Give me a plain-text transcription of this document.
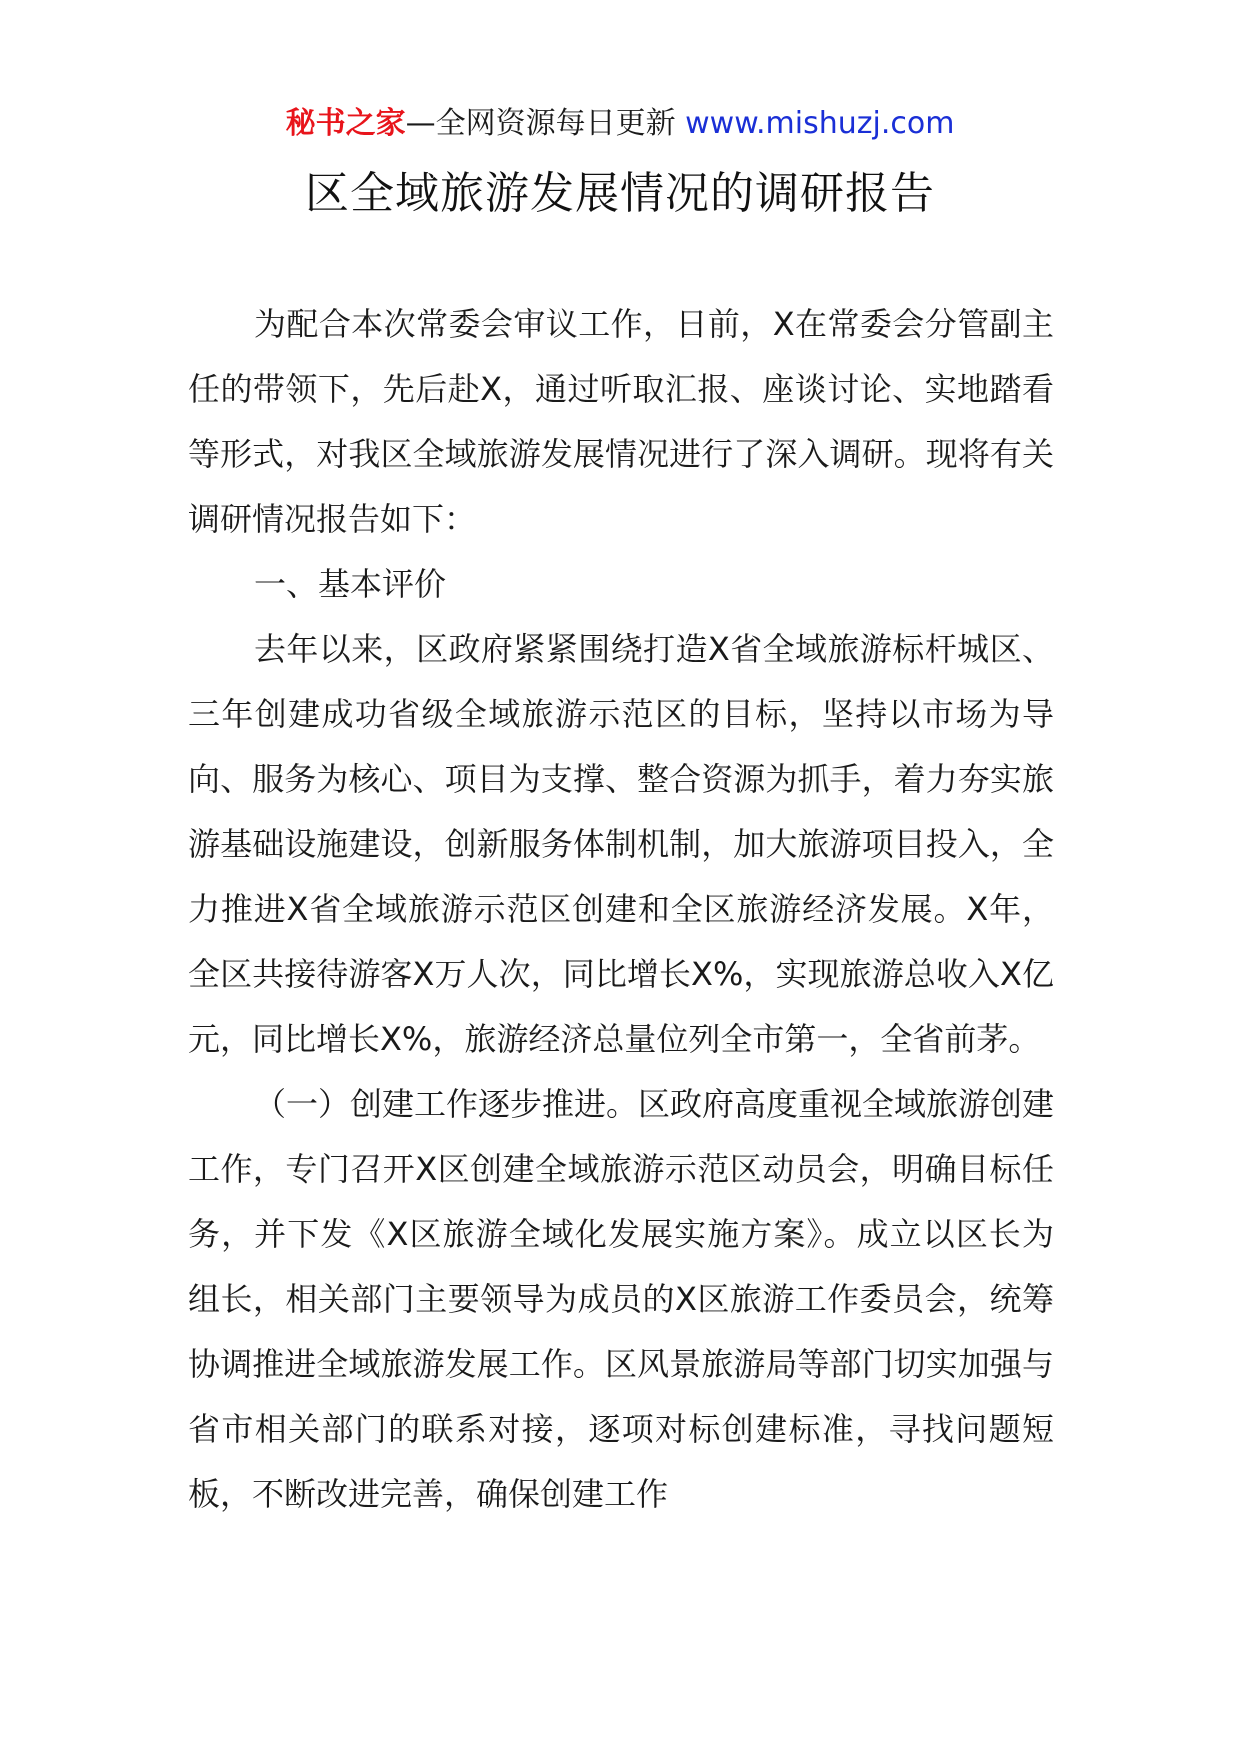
秘书之家—全网资源每日更新 www.mishuzj.com
区全域旅游发展情况的调研报告

为配合本次常委会审议工作，日前，X在常委会分管副主任的带领下，先后赴X，通过听取汇报、座谈讨论、实地踏看等形式，对我区全域旅游发展情况进行了深入调研。现将有关调研情况报告如下：

一、基本评价

去年以来，区政府紧紧围绕打造X省全域旅游标杆城区、三年创建成功省级全域旅游示范区的目标，坚持以市场为导向、服务为核心、项目为支撑、整合资源为抓手，着力夯实旅游基础设施建设，创新服务体制机制，加大旅游项目投入，全力推进X省全域旅游示范区创建和全区旅游经济发展。X年，全区共接待游客X万人次，同比增长X%，实现旅游总收入X亿元，同比增长X%，旅游经济总量位列全市第一，全省前茅。

（一）创建工作逐步推进。区政府高度重视全域旅游创建工作，专门召开X区创建全域旅游示范区动员会，明确目标任务，并下发《X区旅游全域化发展实施方案》。成立以区长为组长，相关部门主要领导为成员的X区旅游工作委员会，统筹协调推进全域旅游发展工作。区风景旅游局等部门切实加强与省市相关部门的联系对接，逐项对标创建标准，寻找问题短板，不断改进完善，确保创建工作
